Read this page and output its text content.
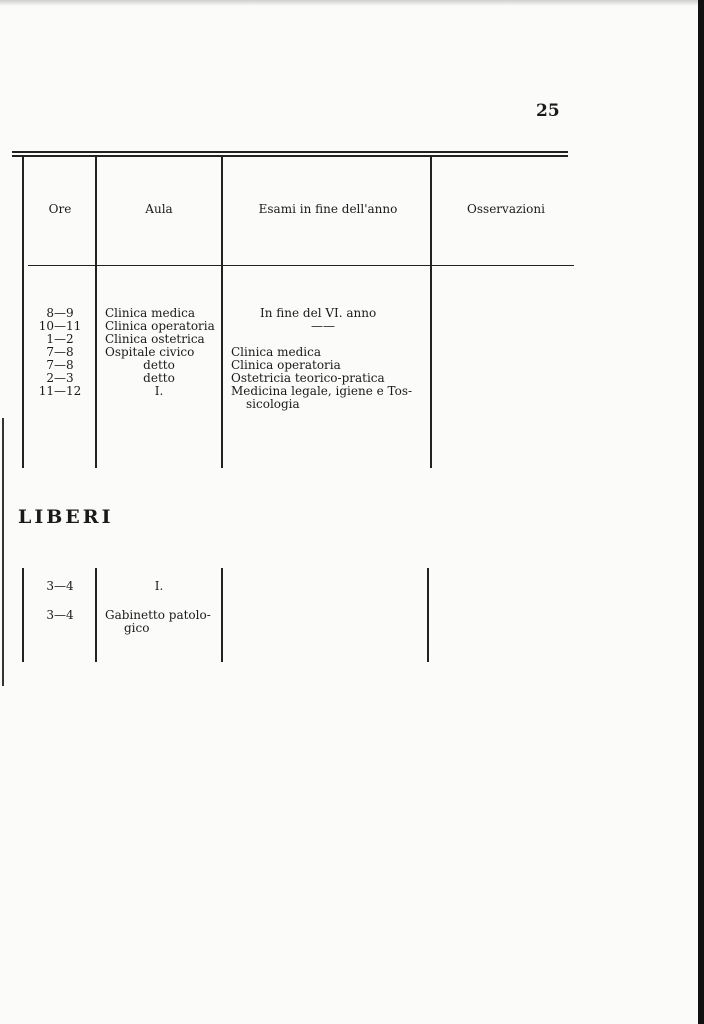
25
Ore	Aula	Esami in fine dell'anno	Osservazioni
8—9	Clinica medica	In fine del VI. anno
10—11	Clinica operatoria	——
1—2	Clinica ostetrica
7—8	Ospitale civico	Clinica medica
7—8	detto	Clinica operatoria
2—3	detto	Ostetricia teorico-pratica
11—12	I.	Medicina legale, igiene e Tos-
sicologia
LIBERI
3—4	I.
3—4	Gabinetto patolo-
gico
